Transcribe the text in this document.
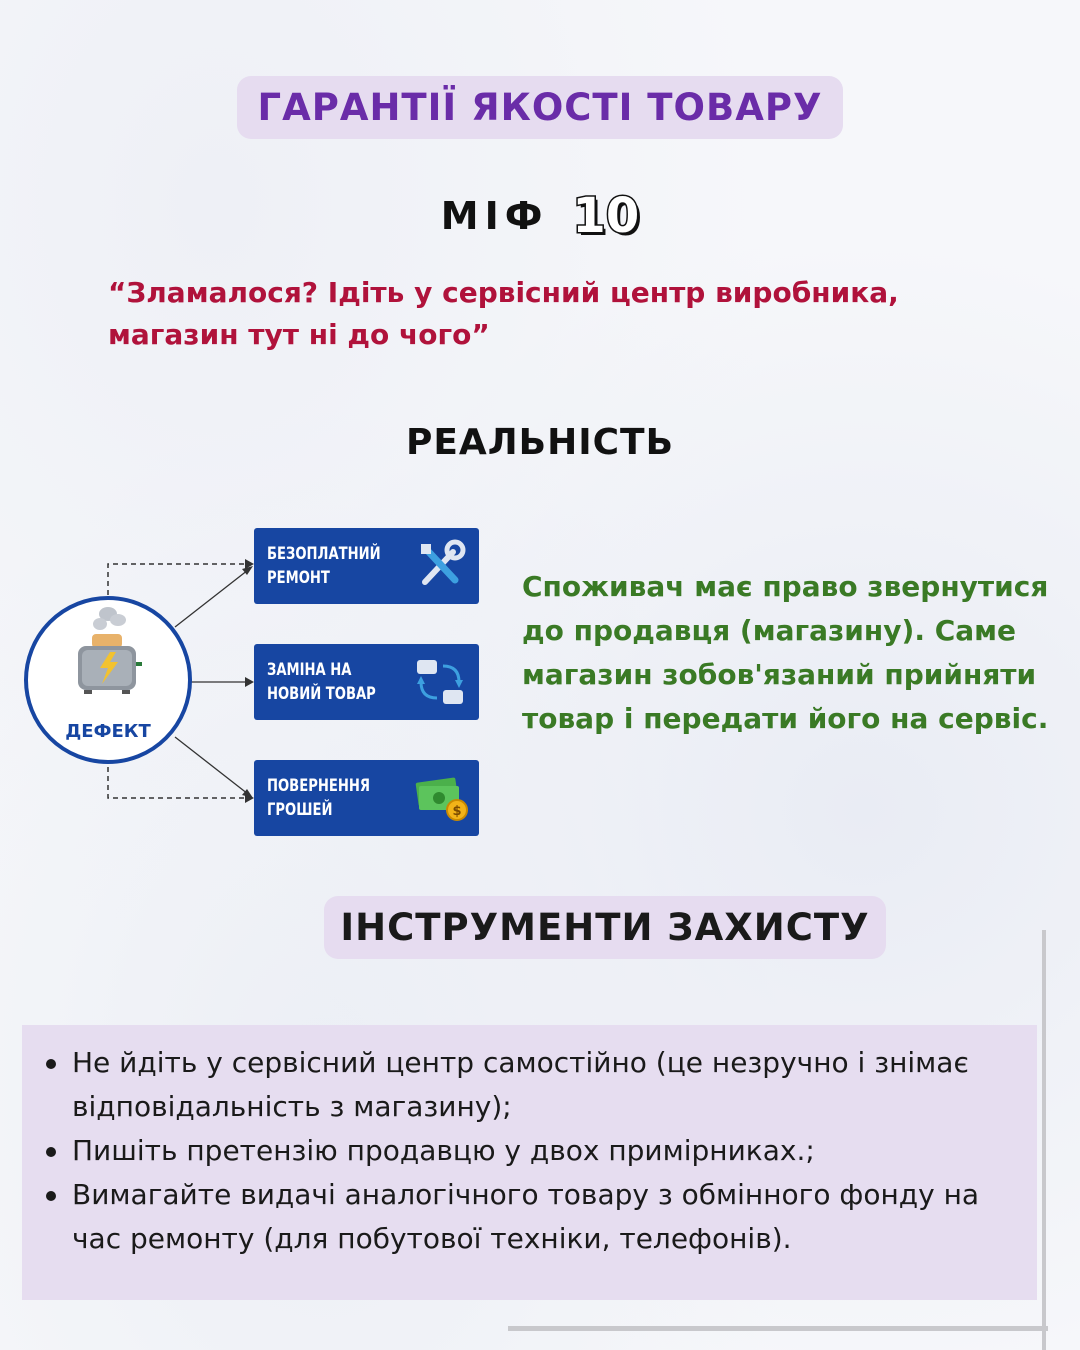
ГАРАНТІЇ ЯКОСТІ ТОВАРУ
МІФ 10
“Зламалося? Ідіть у сервісний центр виробника, магазин тут ні до чого”
РЕАЛЬНІСТЬ
ДЕФЕКТ
БЕЗОПЛАТНИЙ РЕМОНТ
ЗАМІНА НА НОВИЙ ТОВАР
ПОВЕРНЕННЯ ГРОШЕЙ	$
Споживач має право звернутися до продавця (магазину). Саме магазин зобов'язаний прийняти товар і передати його на сервіс.
ІНСТРУМЕНТИ ЗАХИСТУ
Не йдіть у сервісний центр самостійно (це незручно і знімає відповідальність з магазину);
Пишіть претензію продавцю у двох примірниках.;
Вимагайте видачі аналогічного товару з обмінного фонду на час ремонту (для побутової техніки, телефонів).
